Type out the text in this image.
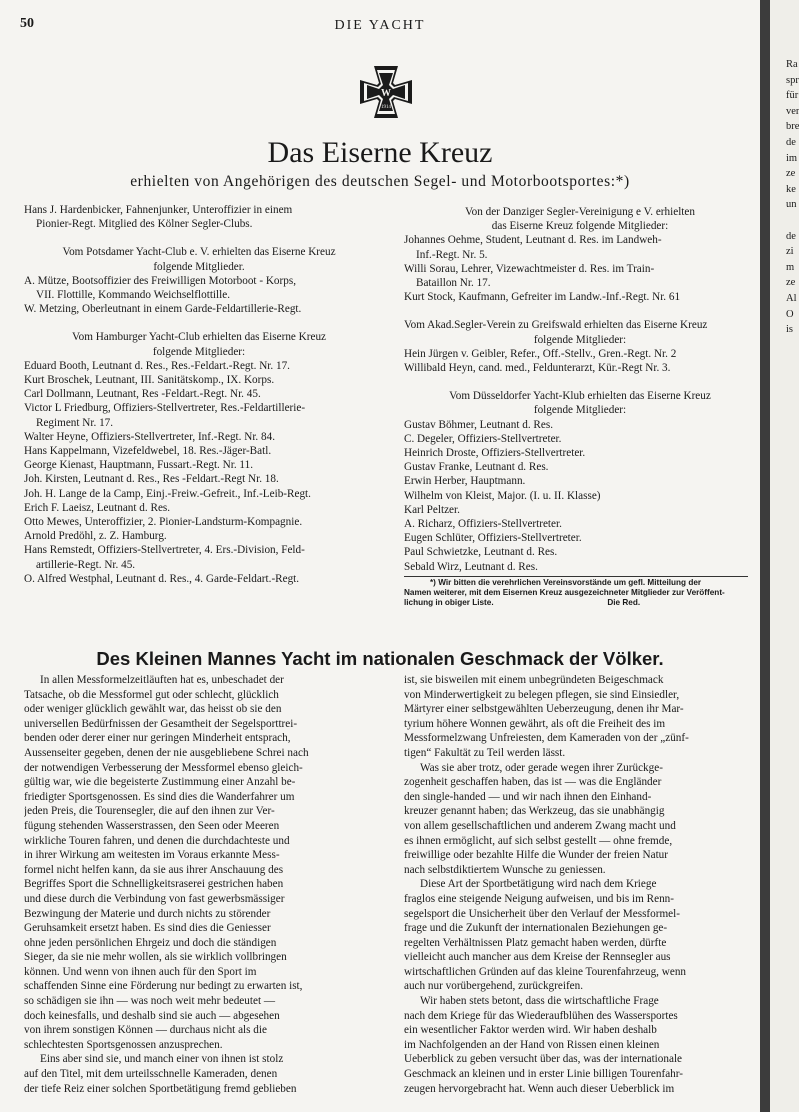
50	DIE YACHT
W
1914
Das Eiserne Kreuz
erhielten von Angehörigen des deutschen Segel- und Motorbootsportes:*)
Hans J. Hardenbicker, Fahnenjunker, Unteroffizier in einem
Pionier-Regt. Mitglied des Kölner Segler-Clubs.
Vom Potsdamer Yacht-Club e. V. erhielten das Eiserne Kreuz
folgende Mitglieder.
A. Mütze, Bootsoffizier des Freiwilligen Motorboot - Korps,
VII. Flottille, Kommando Weichselflottille.
W. Metzing, Oberleutnant in einem Garde-Feldartillerie-Regt.
Vom Hamburger Yacht-Club erhielten das Eiserne Kreuz
folgende Mitglieder:
Eduard Booth, Leutnant d. Res., Res.-Feldart.-Regt. Nr. 17.
Kurt Broschek, Leutnant, III. Sanitätskomp., IX. Korps.
Carl Dollmann, Leutnant, Res -Feldart.-Regt. Nr. 45.
Victor L Friedburg, Offiziers-Stellvertreter, Res.-Feldartillerie-
Regiment Nr. 17.
Walter Heyne, Offiziers-Stellvertreter, Inf.-Regt. Nr. 84.
Hans Kappelmann, Vizefeldwebel, 18. Res.-Jäger-Batl.
George Kienast, Hauptmann, Fussart.-Regt. Nr. 11.
Joh. Kirsten, Leutnant d. Res., Res -Feldart.-Regt Nr. 18.
Joh. H. Lange de la Camp, Einj.-Freiw.-Gefreit., Inf.-Leib-Regt.
Erich F. Laeisz, Leutnant d. Res.
Otto Mewes, Unteroffizier, 2. Pionier-Landsturm-Kompagnie.
Arnold Predöhl, z. Z. Hamburg.
Hans Remstedt, Offiziers-Stellvertreter, 4. Ers.-Division, Feld-
artillerie-Regt. Nr. 45.
O. Alfred Westphal, Leutnant d. Res., 4. Garde-Feldart.-Regt.
Von der Danziger Segler-Vereinigung e V. erhielten
das Eiserne Kreuz folgende Mitglieder:
Johannes Oehme, Student, Leutnant d. Res. im Landweh-
Inf.-Regt. Nr. 5.
Willi Sorau, Lehrer, Vizewachtmeister d. Res. im Train-
Bataillon Nr. 17.
Kurt Stock, Kaufmann, Gefreiter im Landw.-Inf.-Regt. Nr. 61
Vom Akad.Segler-Verein zu Greifswald erhielten das Eiserne Kreuz
folgende Mitglieder:
Hein Jürgen v. Geibler, Refer., Off.-Stellv., Gren.-Regt. Nr. 2
Willibald Heyn, cand. med., Feldunterarzt, Kür.-Regt Nr. 3.
Vom Düsseldorfer Yacht-Klub erhielten das Eiserne Kreuz
folgende Mitglieder:
Gustav Böhmer, Leutnant d. Res.
C. Degeler, Offiziers-Stellvertreter.
Heinrich Droste, Offiziers-Stellvertreter.
Gustav Franke, Leutnant d. Res.
Erwin Herber, Hauptmann.
Wilhelm von Kleist, Major. (I. u. II. Klasse)
Karl Peltzer.
A. Richarz, Offiziers-Stellvertreter.
Eugen Schlüter, Offiziers-Stellvertreter.
Paul Schwietzke, Leutnant d. Res.
Sebald Wirz, Leutnant d. Res.
*) Wir bitten die verehrlichen Vereinsvorstände um gefl. Mitteilung der
Namen weiterer, mit dem Eisernen Kreuz ausgezeichneter Mitglieder zur Veröffent-
lichung in obiger Liste.                                                  Die Red.
Des Kleinen Mannes Yacht im nationalen Geschmack der Völker.
In allen Messformelzeitläuften hat es, unbeschadet der
Tatsache, ob die Messformel gut oder schlecht, glücklich
oder weniger glücklich gewählt war, das heisst ob sie den
universellen Bedürfnissen der Gesamtheit der Segelsporttrei-
benden oder derer einer nur geringen Minderheit entsprach,
Aussenseiter gegeben, denen der nie ausgebliebene Schrei nach
der notwendigen Verbesserung der Messformel ebenso gleich-
gültig war, wie die begeisterte Zustimmung einer Anzahl be-
friedigter Sportsgenossen. Es sind dies die Wanderfahrer um
jeden Preis, die Tourensegler, die auf den ihnen zur Ver-
fügung stehenden Wasserstrassen, den Seen oder Meeren
wirkliche Touren fahren, und denen die durchdachteste und
in ihrer Wirkung am weitesten im Voraus erkannte Mess-
formel nicht helfen kann, da sie aus ihrer Anschauung des
Begriffes Sport die Schnelligkeitsraserei gestrichen haben
und diese durch die Verbindung von fast gewerbsmässiger
Bezwingung der Materie und durch nichts zu störender
Geruhsamkeit ersetzt haben. Es sind dies die Geniesser
ohne jeden persönlichen Ehrgeiz und doch die ständigen
Sieger, da sie nie mehr wollen, als sie wirklich vollbringen
können. Und wenn von ihnen auch für den Sport im
schaffenden Sinne eine Förderung nur bedingt zu erwarten ist,
so schädigen sie ihn — was noch weit mehr bedeutet —
doch keinesfalls, und deshalb sind sie auch — abgesehen
von ihrem sonstigen Können — durchaus nicht als die
schlechtesten Sportsgenossen anzusprechen.
Eins aber sind sie, und manch einer von ihnen ist stolz
auf den Titel, mit dem urteilsschnelle Kameraden, denen
der tiefe Reiz einer solchen Sportbetätigung fremd geblieben
ist, sie bisweilen mit einem unbegründeten Beigeschmack
von Minderwertigkeit zu belegen pflegen, sie sind Einsiedler,
Märtyrer einer selbstgewählten Ueberzeugung, denen ihr Mar-
tyrium höhere Wonnen gewährt, als oft die Freiheit des im
Messformelzwang Unfreiesten, dem Kameraden von der „zünf-
tigen“ Fakultät zu Teil werden lässt.
Was sie aber trotz, oder gerade wegen ihrer Zurückge-
zogenheit geschaffen haben, das ist — was die Engländer
den single-handed — und wir nach ihnen den Einhand-
kreuzer genannt haben; das Werkzeug, das sie unabhängig
von allem gesellschaftlichen und anderem Zwang macht und
es ihnen ermöglicht, auf sich selbst gestellt — ohne fremde,
freiwillige oder bezahlte Hilfe die Wunder der freien Natur
nach selbstdiktiertem Wunsche zu geniessen.
Diese Art der Sportbetätigung wird nach dem Kriege
fraglos eine steigende Neigung aufweisen, und bis im Renn-
segelsport die Unsicherheit über den Verlauf der Messformel-
frage und die Zukunft der internationalen Beziehungen ge-
regelten Verhältnissen Platz gemacht haben werden, dürfte
vielleicht auch mancher aus dem Kreise der Rennsegler aus
wirtschaftlichen Gründen auf das kleine Tourenfahrzeug, wenn
auch nur vorübergehend, zurückgreifen.
Wir haben stets betont, dass die wirtschaftliche Frage
nach dem Kriege für das Wiederaufblühen des Wassersportes
ein wesentlicher Faktor werden wird. Wir haben deshalb
im Nachfolgenden an der Hand von Rissen einen kleinen
Ueberblick zu geben versucht über das, was der internationale
Geschmack an kleinen und in erster Linie billigen Tourenfahr-
zeugen hervorgebracht hat. Wenn auch dieser Ueberblick im
Ra
spr
für
ver
bre
de
im
ze
ke
un
de
zi
m
ze
Al
O
is
